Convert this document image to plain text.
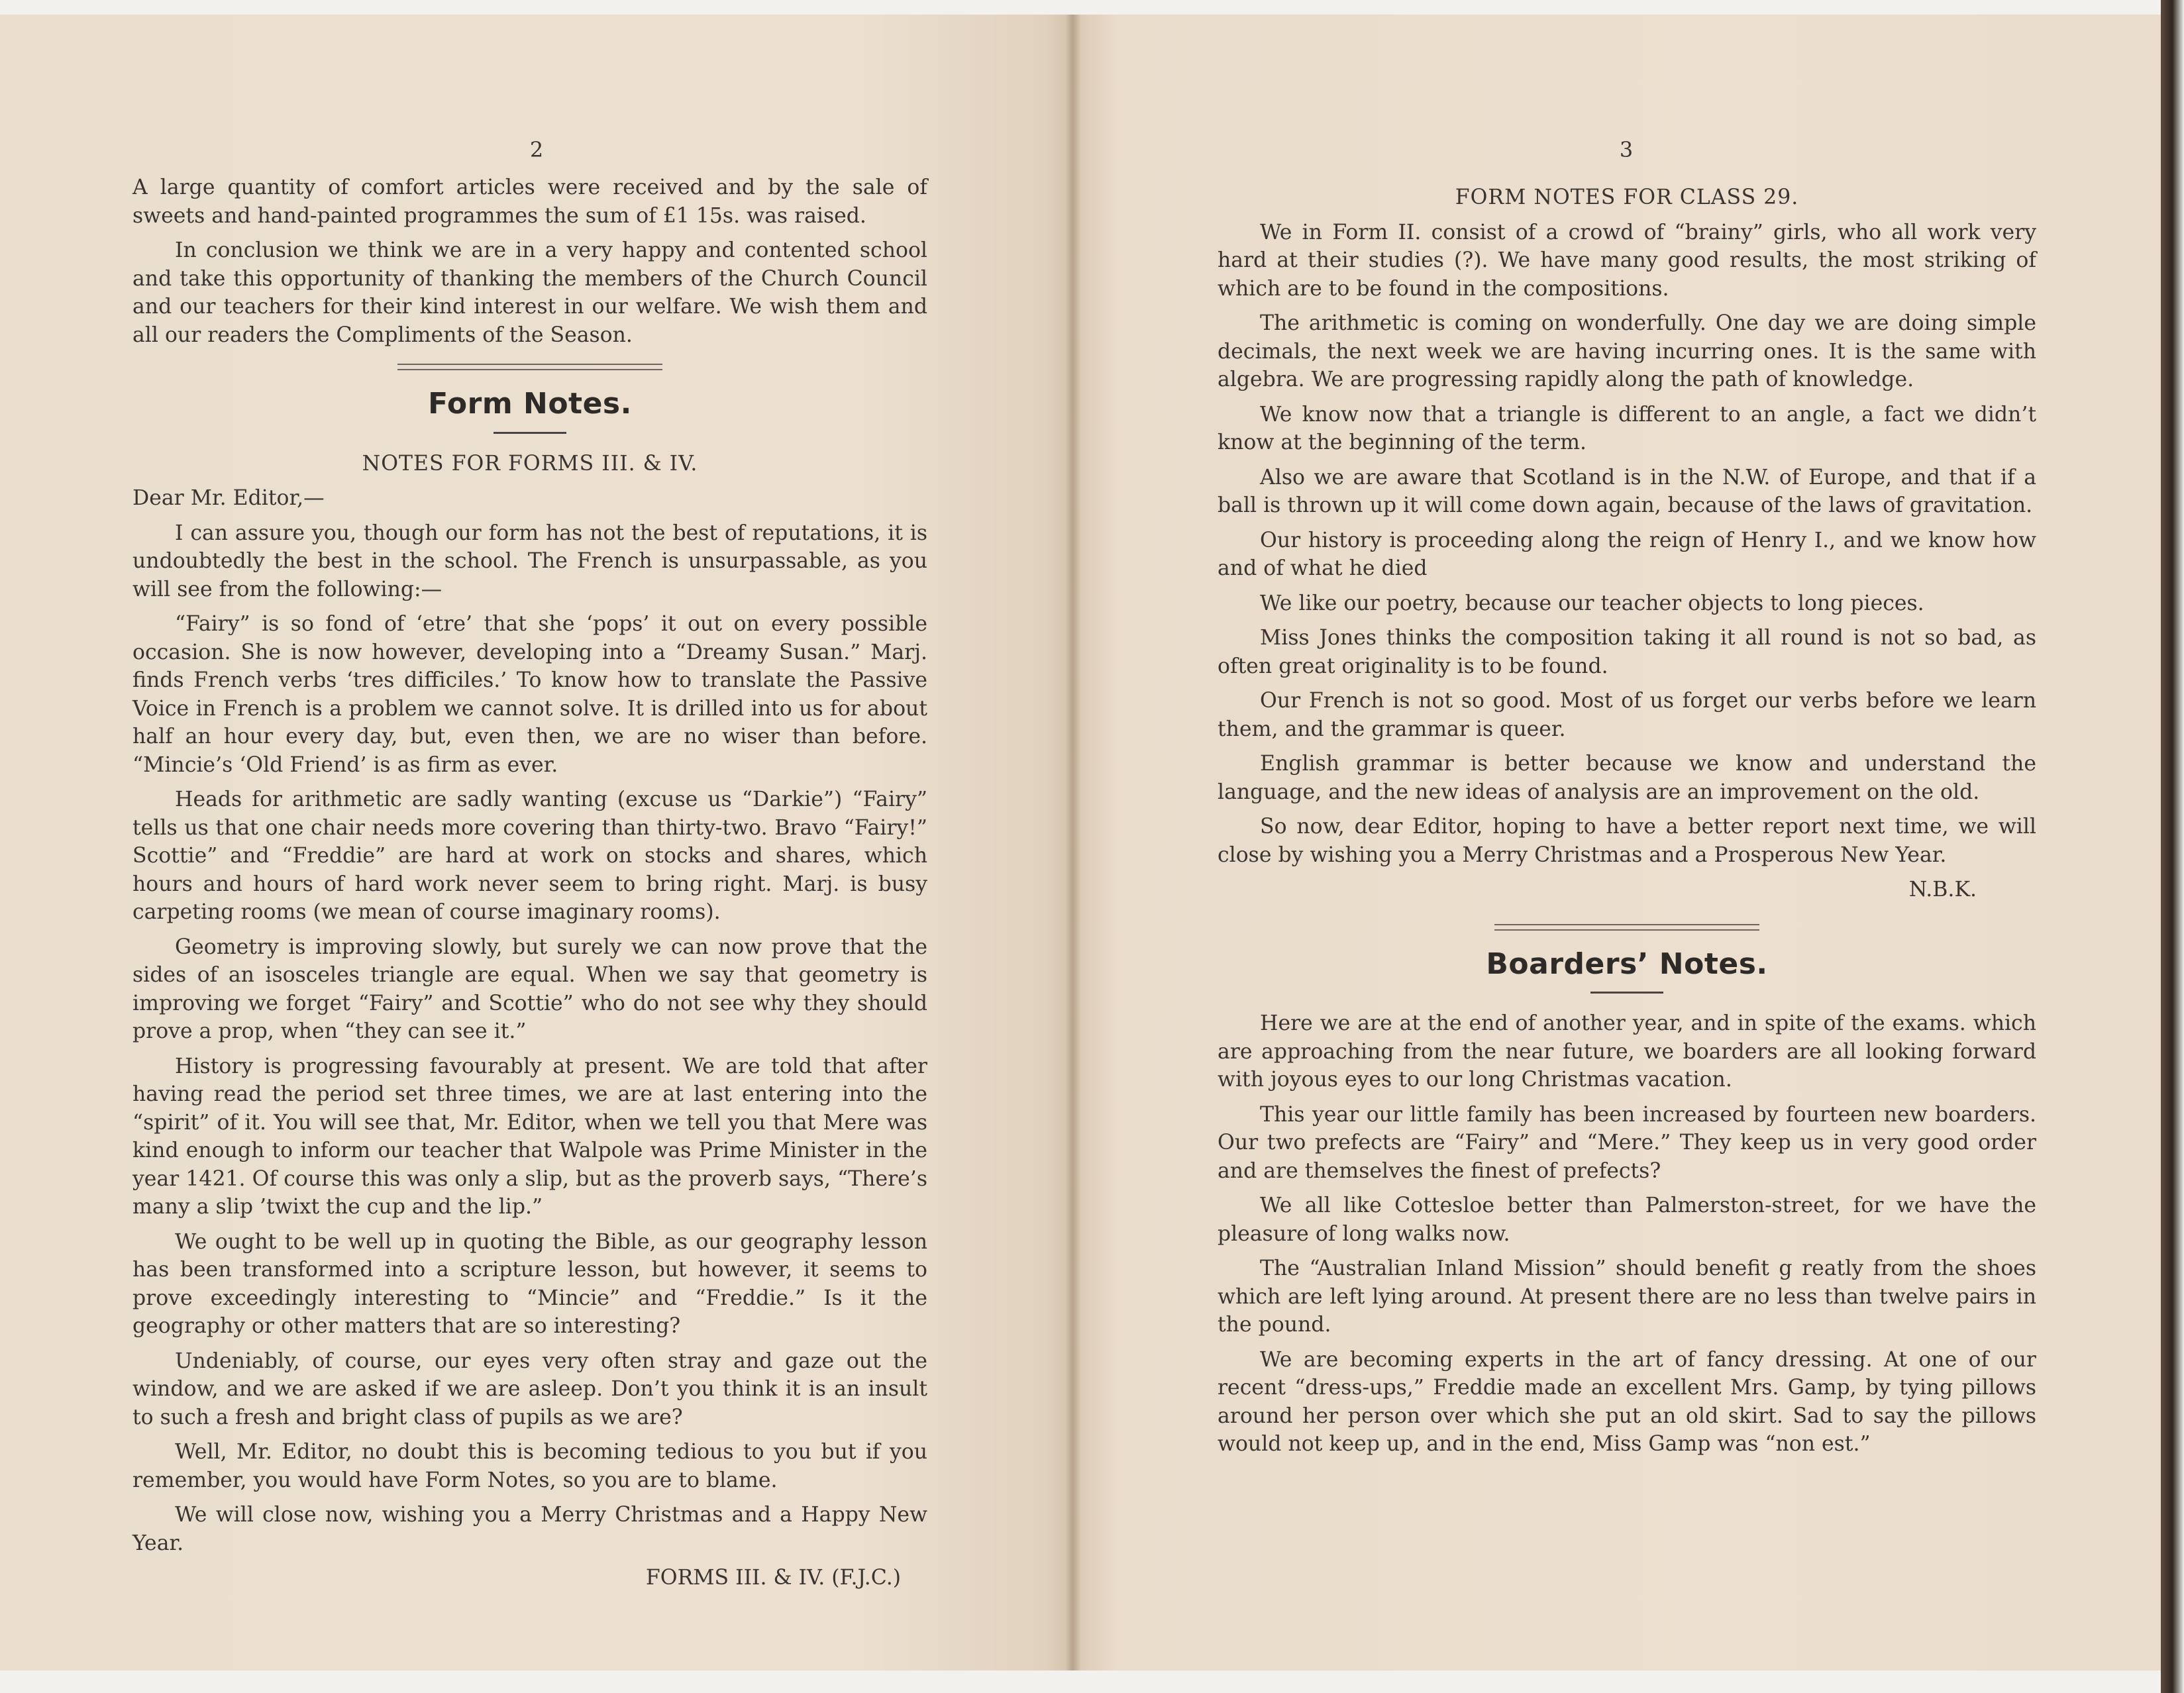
2

A large quantity of comfort articles were received and by the sale of sweets and hand-painted programmes the sum of £1 15s. was raised.

In conclusion we think we are in a very happy and contented school and take this opportunity of thanking the members of the Church Council and our teachers for their kind interest in our welfare. We wish them and all our readers the Compliments of the Season.

Form Notes.
NOTES FOR FORMS III. & IV.

Dear Mr. Editor,—

I can assure you, though our form has not the best of reputations, it is undoubtedly the best in the school. The French is unsurpassable, as you will see from the following:—

“Fairy” is so fond of ‘etre’ that she ‘pops’ it out on every possible occasion. She is now however, developing into a “Dreamy Susan.” Marj. finds French verbs ‘tres difficiles.’ To know how to translate the Passive Voice in French is a problem we cannot solve. It is drilled into us for about half an hour every day, but, even then, we are no wiser than before. “Mincie’s ‘Old Friend’ is as firm as ever.

Heads for arithmetic are sadly wanting (excuse us “Darkie”) “Fairy” tells us that one chair needs more covering than thirty-two. Bravo “Fairy!” Scottie” and “Freddie” are hard at work on stocks and shares, which hours and hours of hard work never seem to bring right. Marj. is busy carpeting rooms (we mean of course imaginary rooms).

Geometry is improving slowly, but surely we can now prove that the sides of an isosceles triangle are equal. When we say that geometry is improving we forget “Fairy” and Scottie” who do not see why they should prove a prop, when “they can see it.”

History is progressing favourably at present. We are told that after having read the period set three times, we are at last entering into the “spirit” of it. You will see that, Mr. Editor, when we tell you that Mere was kind enough to inform our teacher that Walpole was Prime Minister in the year 1421. Of course this was only a slip, but as the proverb says, “There’s many a slip ’twixt the cup and the lip.”

We ought to be well up in quoting the Bible, as our geography lesson has been transformed into a scripture lesson, but however, it seems to prove exceedingly interesting to “Mincie” and “Freddie.” Is it the geography or other matters that are so interesting?

Undeniably, of course, our eyes very often stray and gaze out the window, and we are asked if we are asleep. Don’t you think it is an insult to such a fresh and bright class of pupils as we are?

Well, Mr. Editor, no doubt this is becoming tedious to you but if you remember, you would have Form Notes, so you are to blame.

We will close now, wishing you a Merry Christmas and a Happy New Year.

FORMS III. & IV. (F.J.C.)
3
FORM NOTES FOR CLASS 29.

We in Form II. consist of a crowd of “brainy” girls, who all work very hard at their studies (?). We have many good results, the most striking of which are to be found in the compositions.

The arithmetic is coming on wonderfully. One day we are doing simple decimals, the next week we are having incurring ones. It is the same with algebra. We are progressing rapidly along the path of knowledge.

We know now that a triangle is different to an angle, a fact we didn’t know at the beginning of the term.

Also we are aware that Scotland is in the N.W. of Europe, and that if a ball is thrown up it will come down again, because of the laws of gravitation.

Our history is proceeding along the reign of Henry I., and we know how and of what he died

We like our poetry, because our teacher objects to long pieces.

Miss Jones thinks the composition taking it all round is not so bad, as often great originality is to be found.

Our French is not so good. Most of us forget our verbs before we learn them, and the grammar is queer.

English grammar is better because we know and understand the language, and the new ideas of analysis are an improvement on the old.

So now, dear Editor, hoping to have a better report next time, we will close by wishing you a Merry Christmas and a Prosperous New Year.

N.B.K.
Boarders’ Notes.

Here we are at the end of another year, and in spite of the exams. which are approaching from the near future, we boarders are all looking forward with joyous eyes to our long Christmas vacation.

This year our little family has been increased by fourteen new boarders. Our two prefects are “Fairy” and “Mere.” They keep us in very good order and are themselves the finest of prefects?

We all like Cottesloe better than Palmerston-street, for we have the pleasure of long walks now.

The “Australian Inland Mission” should benefit g reatly from the shoes which are left lying around. At present there are no less than twelve pairs in the pound.

We are becoming experts in the art of fancy dressing. At one of our recent “dress-ups,” Freddie made an excellent Mrs. Gamp, by tying pillows around her person over which she put an old skirt. Sad to say the pillows would not keep up, and in the end, Miss Gamp was “non est.”
